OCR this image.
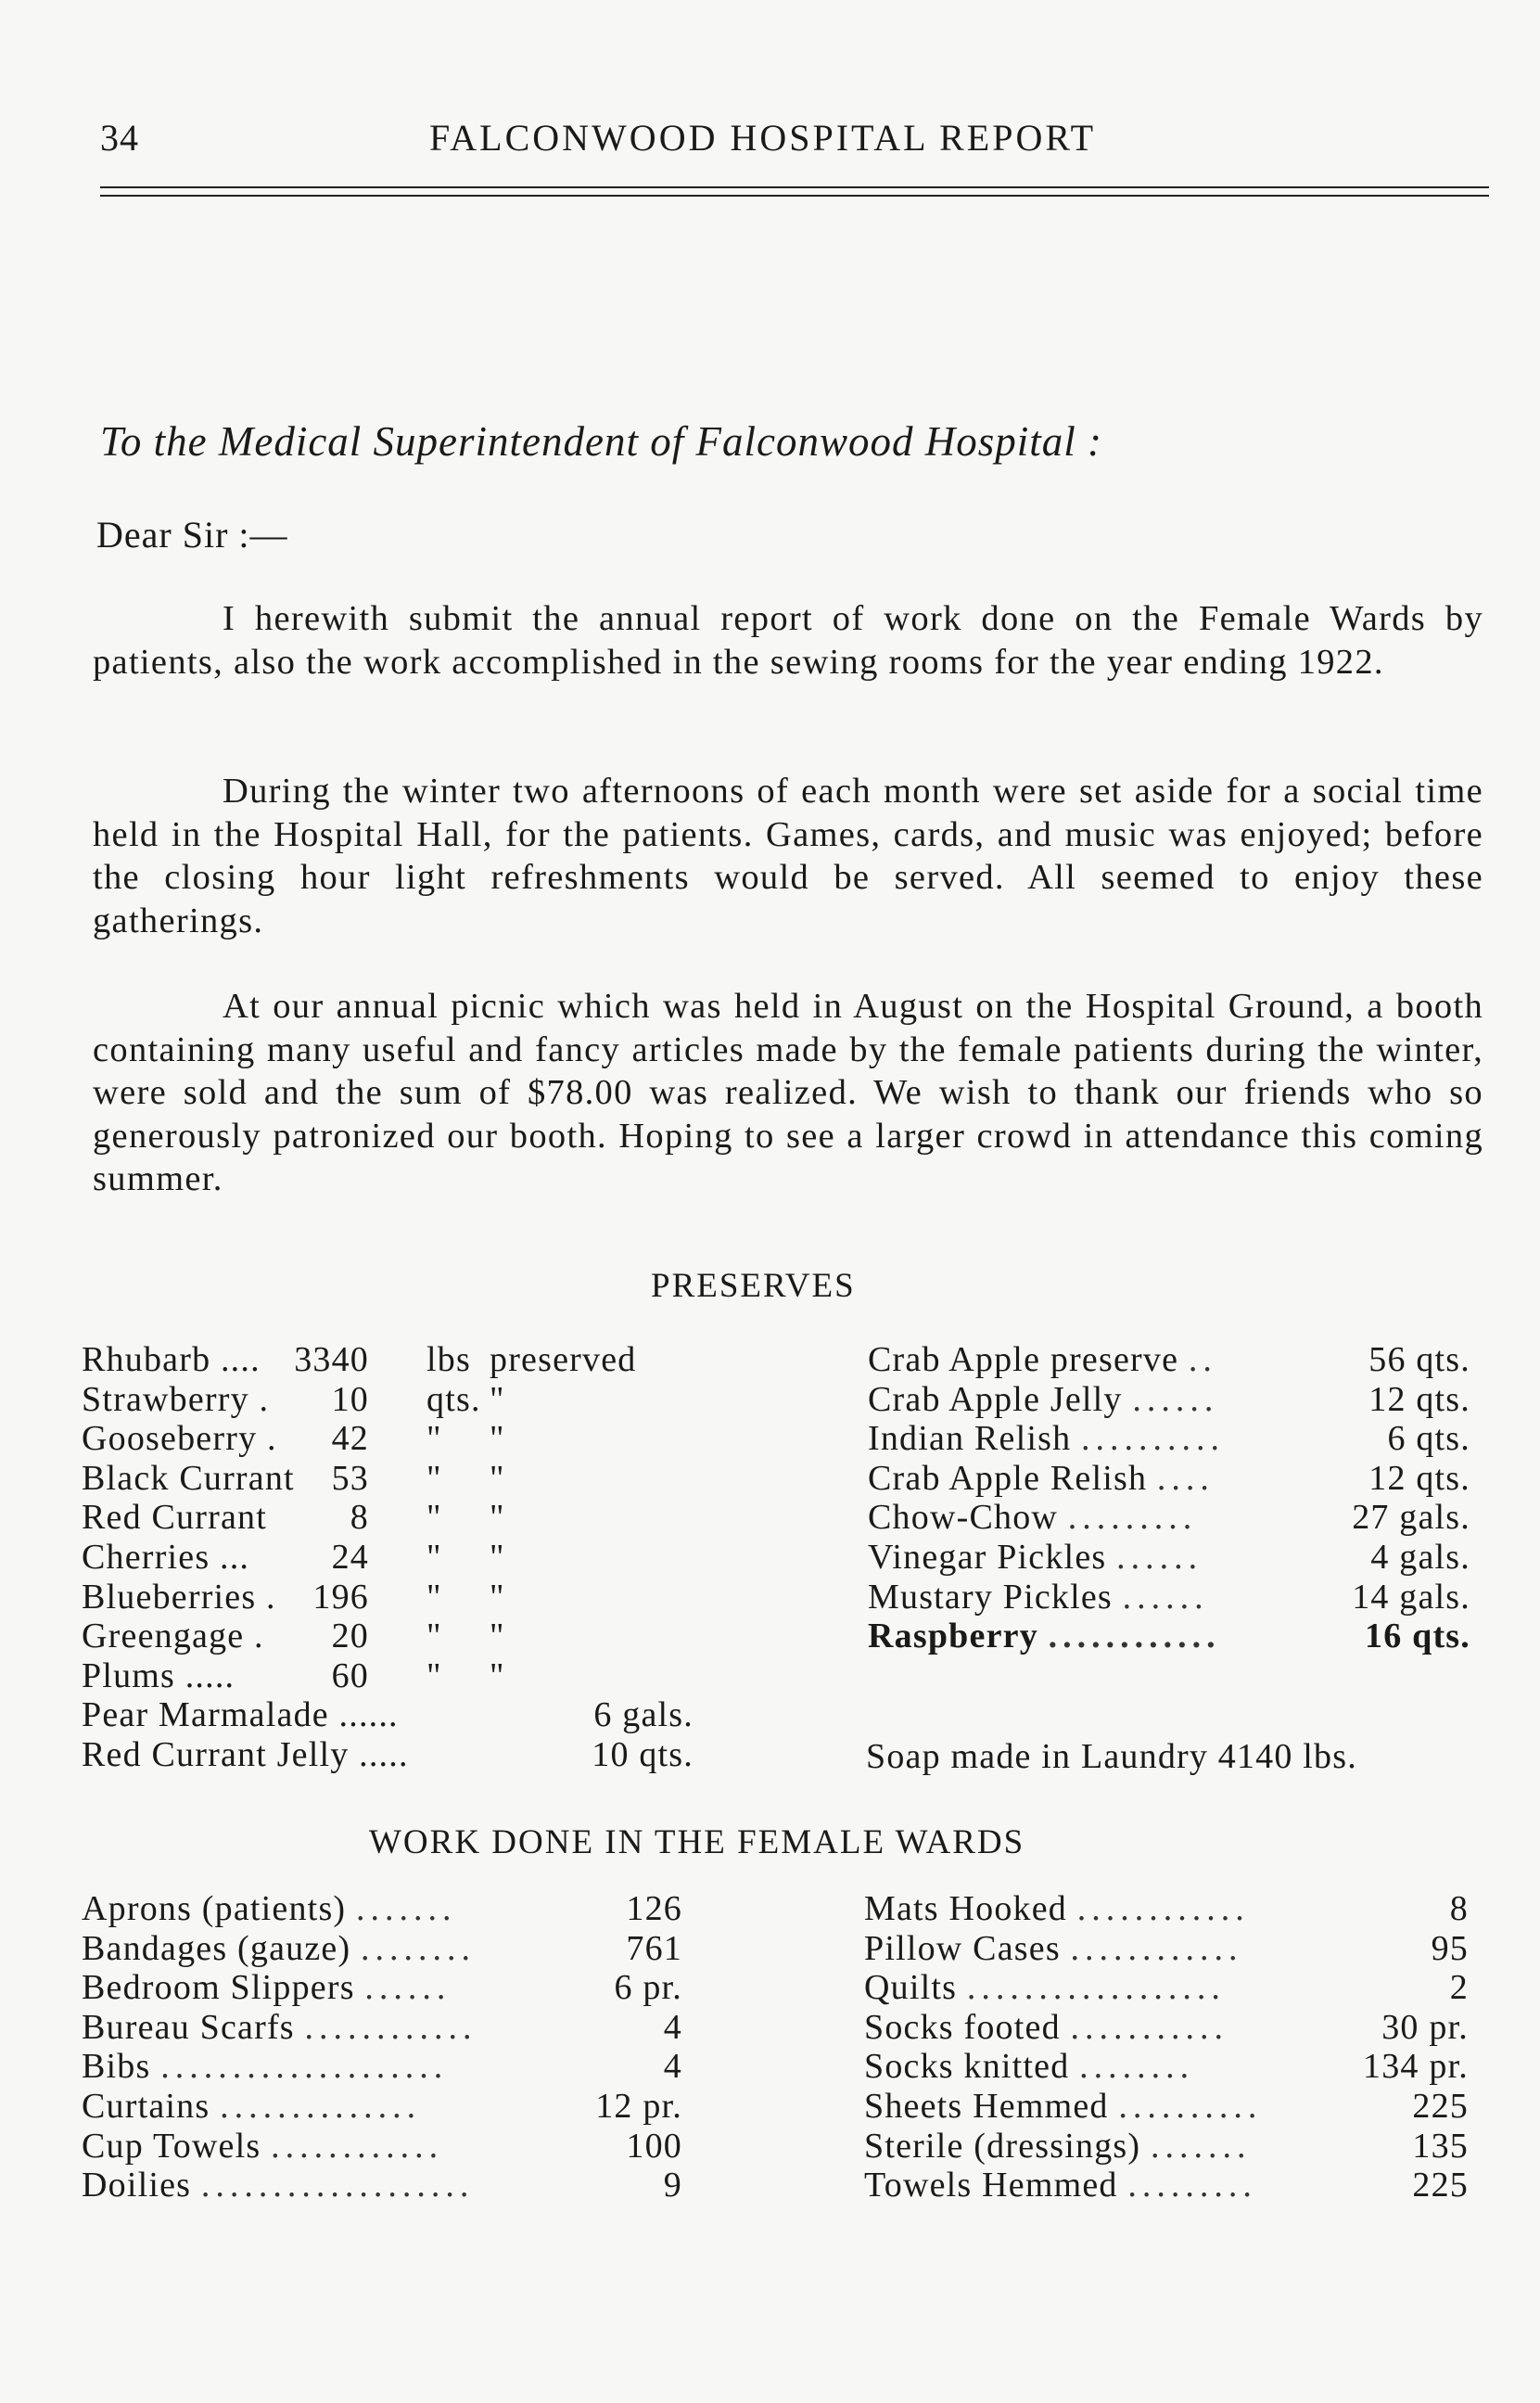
34	FALCONWOOD HOSPITAL REPORT
To the Medical Superintendent of Falconwood Hospital :
Dear Sir :—

I herewith submit the annual report of work done on the Female Wards by patients, also the work accomplished in the sewing rooms for the year ending 1922.

During the winter two afternoons of each month were set aside for a social time held in the Hospital Hall, for the patients. Games, cards, and music was enjoyed; before the closing hour light refreshments would be served. All seemed to enjoy these gatherings.

At our annual picnic which was held in August on the Hospital Ground, a booth containing many useful and fancy articles made by the female patients during the winter, were sold and the sum of $78.00 was realized. We wish to thank our friends who so generously patronized our booth. Hoping to see a larger crowd in attendance this coming summer.

PRESERVES
Rhubarb .... 3340 lbs preserved
Strawberry . 10 qts. "
Gooseberry . 42 " "
Black Currant 53 " "
Red Currant 8 " "
Cherries ... 24 " "
Blueberries . 196 " "
Greengage . 20 " "
Plums .....	60 " "
Pear Marmalade ......	6 gals.
Red Currant Jelly .....	10 qts.
Crab Apple preserve ..	56 qts.
Crab Apple Jelly ......	12 qts.
Indian Relish ..........	6 qts.
Crab Apple Relish ....	12 qts.
Chow-Chow .........	27 gals.
Vinegar Pickles ......	4 gals.
Mustary Pickles ......	14 gals.
Raspberry ............	16 qts.
Soap made in Laundry 4140 lbs.
WORK DONE IN THE FEMALE WARDS
Aprons (patients) .......	126
Bandages (gauze) ........	761
Bedroom Slippers ......	6 pr.
Bureau Scarfs ............	4
Bibs ....................	4
Curtains ..............	12 pr.
Cup Towels ............	100
Doilies ...................	9
Mats Hooked ............	8
Pillow Cases ............	95
Quilts ..................	2
Socks footed ...........	30 pr.
Socks knitted ........	134 pr.
Sheets Hemmed ..........	225
Sterile (dressings) .......	135
Towels Hemmed .........	225
